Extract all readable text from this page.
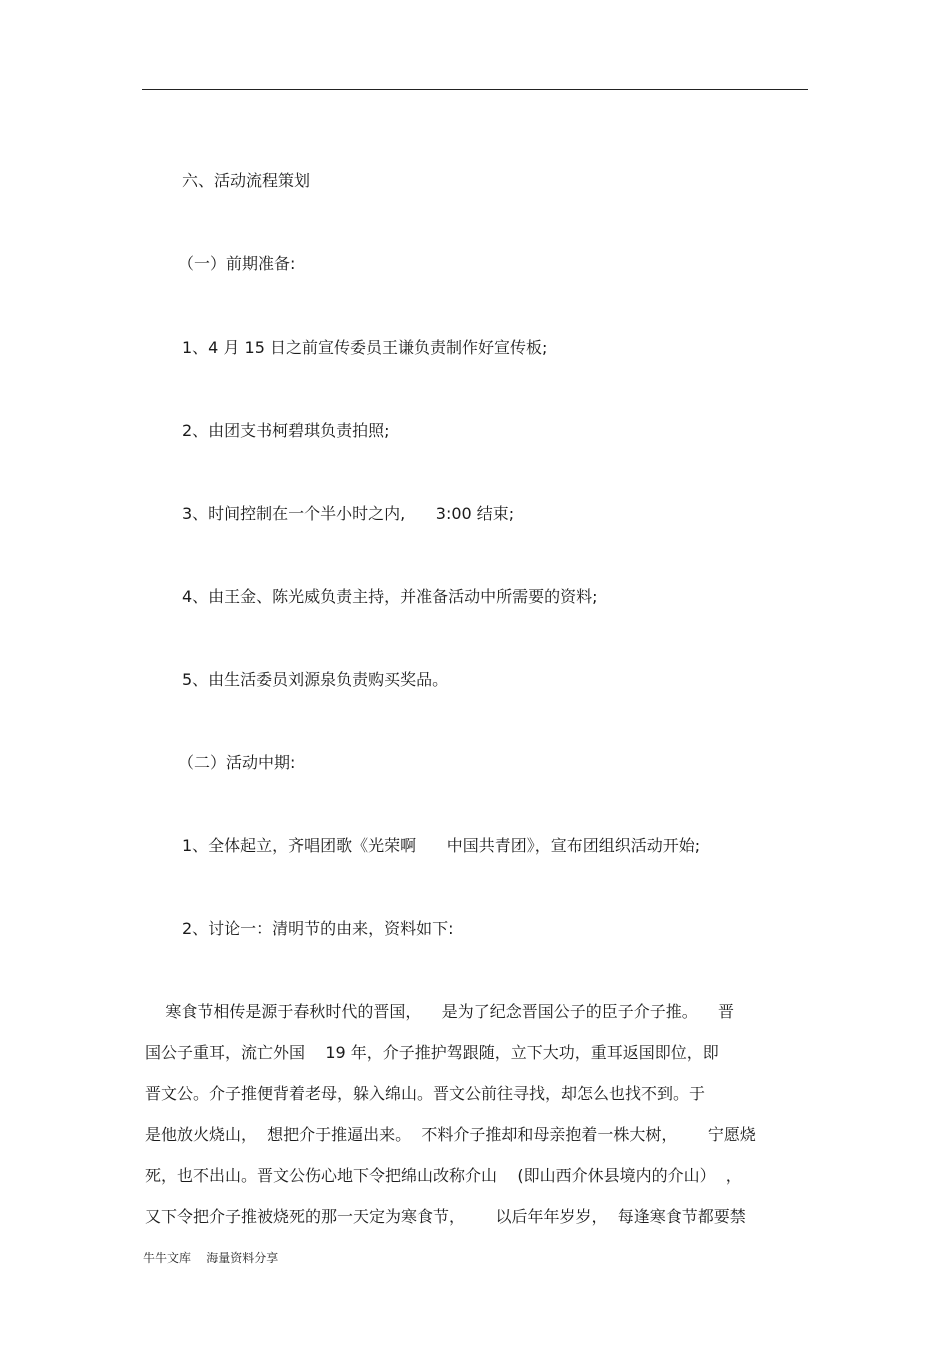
六、活动流程策划
（一）前期准备:
1、4 月 15 日之前宣传委员王谦负责制作好宣传板;
2、由团支书柯碧琪负责拍照;
3、时间控制在一个半小时之内,      3:00 结束;
4、由王金、陈光威负责主持，并准备活动中所需要的资料;
5、由生活委员刘源泉负责购买奖品。
（二）活动中期:
1、全体起立，齐唱团歌《光荣啊      中国共青团》，宣布团组织活动开始;
2、讨论一：清明节的由来，资料如下:
寒食节相传是源于春秋时代的晋国，    是为了纪念晋国公子的臣子介子推。    晋
国公子重耳，流亡外国    19 年，介子推护驾跟随，立下大功，重耳返国即位，即
晋文公。介子推便背着老母，躲入绵山。晋文公前往寻找，却怎么也找不到。于
是他放火烧山，  想把介于推逼出来。  不料介子推却和母亲抱着一株大树，      宁愿烧
死，也不出山。晋文公伤心地下令把绵山改称介山    (即山西介休县境内的介山）  ，
又下令把介子推被烧死的那一天定为寒食节，      以后年年岁岁，  每逢寒食节都要禁
牛牛文库    海量资料分享
